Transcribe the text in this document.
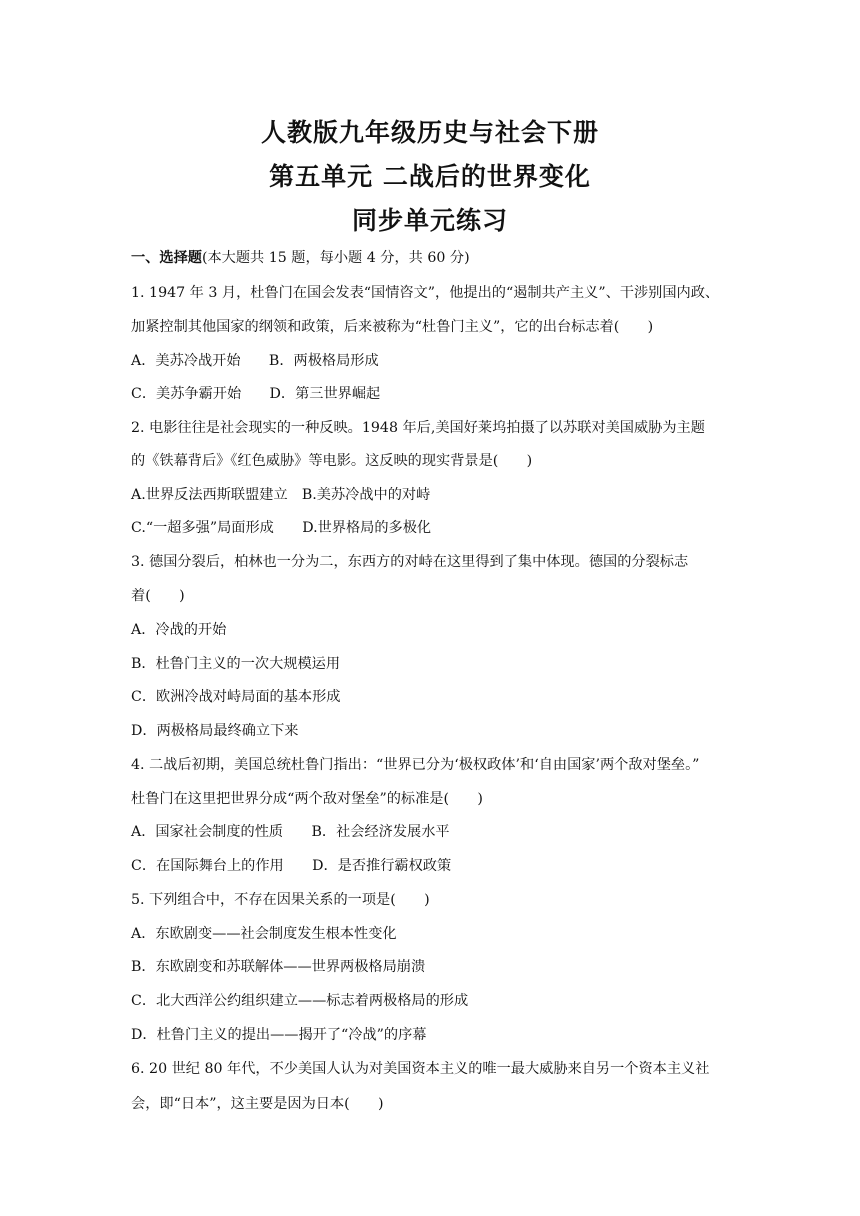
人教版九年级历史与社会下册
第五单元 二战后的世界变化
同步单元练习
一、选择题(本大题共 15 题，每小题 4 分，共 60 分)
1. 1947 年 3 月，杜鲁门在国会发表“国情咨文”，他提出的“遏制共产主义”、干涉别国内政、
加紧控制其他国家的纲领和政策，后来被称为“杜鲁门主义”，它的出台标志着(　　)
A．美苏冷战开始　　B．两极格局形成
C．美苏争霸开始　　D．第三世界崛起
2. 电影往往是社会现实的一种反映。1948 年后,美国好莱坞拍摄了以苏联对美国威胁为主题
的《铁幕背后》《红色威胁》等电影。这反映的现实背景是(　　)
A.世界反法西斯联盟建立　B.美苏冷战中的对峙
C.“一超多强”局面形成　　D.世界格局的多极化
3. 德国分裂后，柏林也一分为二，东西方的对峙在这里得到了集中体现。德国的分裂标志
着(　　)
A．冷战的开始
B．杜鲁门主义的一次大规模运用
C．欧洲冷战对峙局面的基本形成
D．两极格局最终确立下来
4. 二战后初期，美国总统杜鲁门指出：“世界已分为‘极权政体’和‘自由国家’两个敌对堡垒。”
杜鲁门在这里把世界分成“两个敌对堡垒”的标准是(　　)
A．国家社会制度的性质　　B．社会经济发展水平
C．在国际舞台上的作用　　D．是否推行霸权政策
5. 下列组合中，不存在因果关系的一项是(　　)
A．东欧剧变——社会制度发生根本性变化
B．东欧剧变和苏联解体——世界两极格局崩溃
C．北大西洋公约组织建立——标志着两极格局的形成
D．杜鲁门主义的提出——揭开了“冷战”的序幕
6. 20 世纪 80 年代，不少美国人认为对美国资本主义的唯一最大威胁来自另一个资本主义社
会，即“日本”，这主要是因为日本(　　)
